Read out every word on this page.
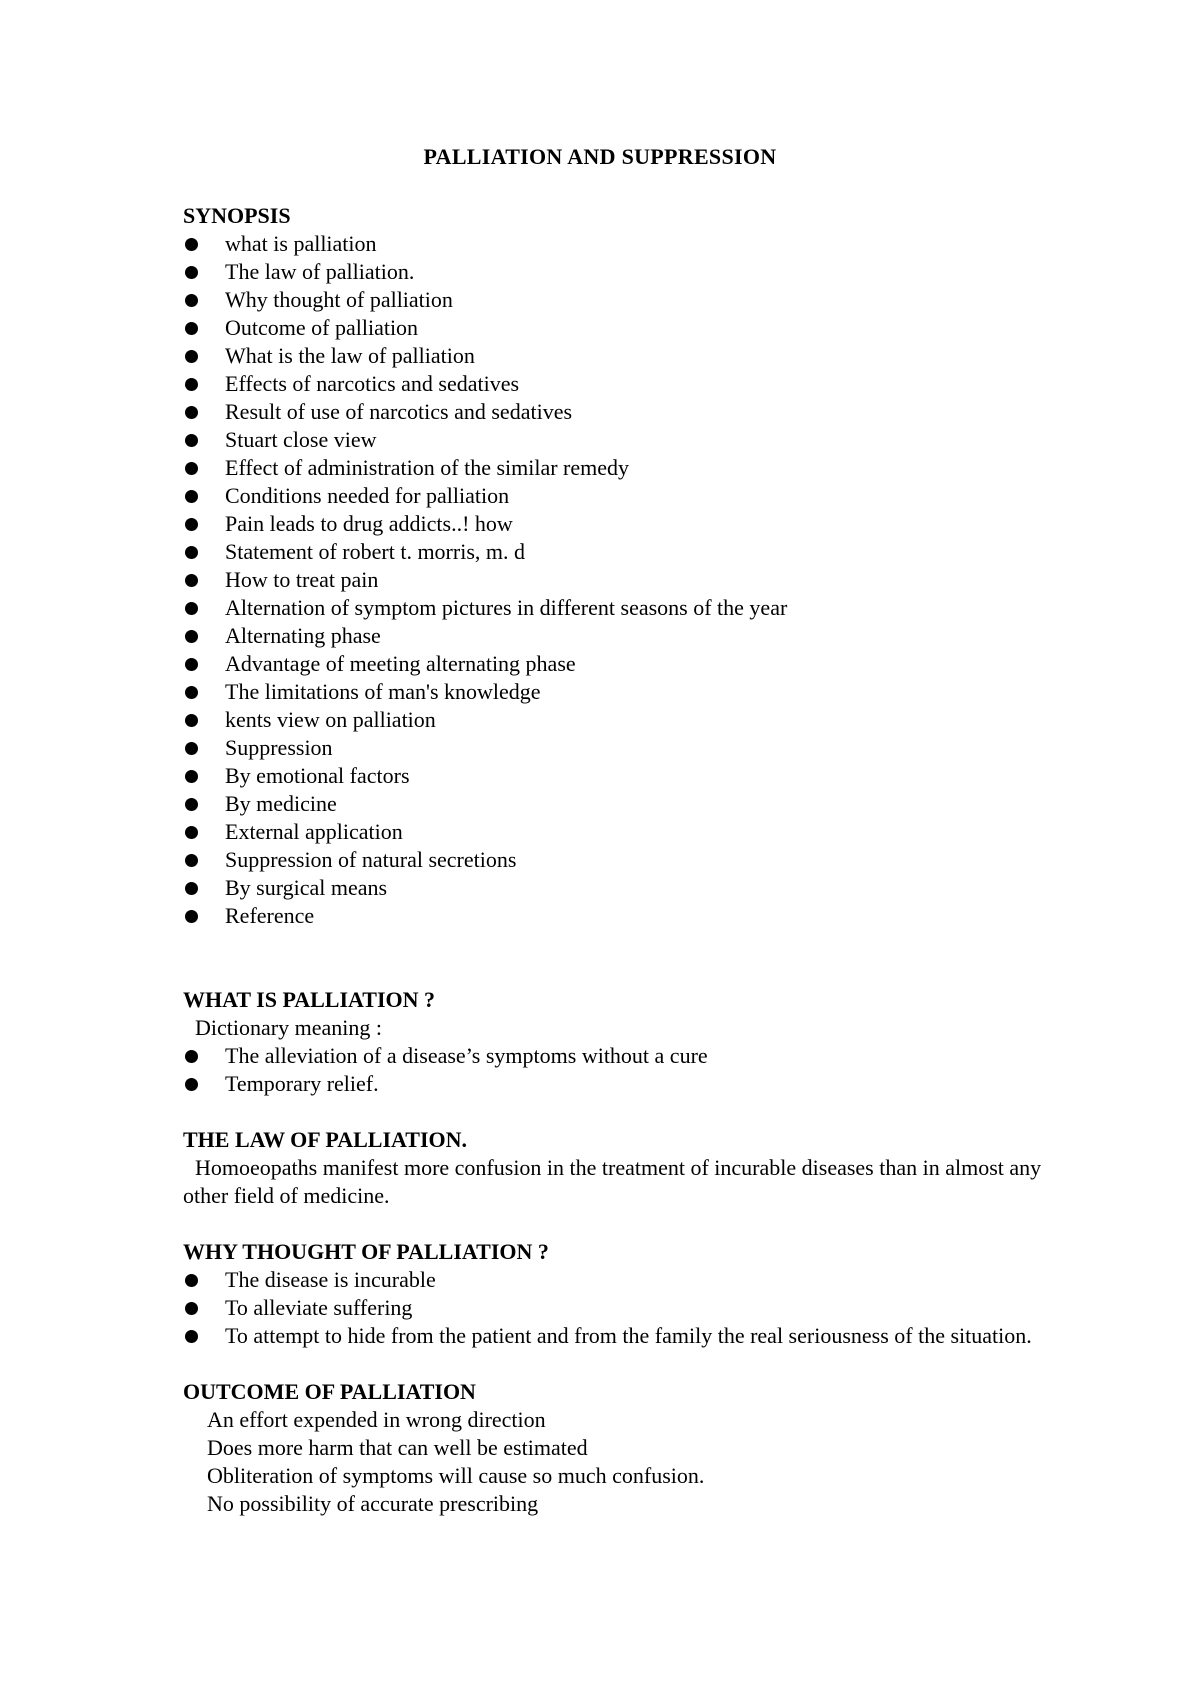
PALLIATION AND SUPPRESSION

SYNOPSIS

what is palliation
The law of palliation.
Why thought of palliation
Outcome of palliation
What is the law of palliation
Effects of narcotics and sedatives
Result of use of narcotics and sedatives
Stuart close view
Effect of administration of the similar remedy
Conditions needed for palliation
Pain leads to drug addicts..! how
Statement of robert t. morris, m. d
How to treat pain
Alternation of symptom pictures in different seasons of the year
Alternating phase
Advantage of meeting alternating phase
The limitations of man's knowledge
kents view on palliation
Suppression
By emotional factors
By medicine
External application
Suppression of natural secretions
By surgical means
Reference

WHAT IS PALLIATION ?

Dictionary meaning :

The alleviation of a disease’s symptoms without a cure
Temporary relief.

THE LAW OF PALLIATION.

Homoeopaths manifest more confusion in the treatment of incurable diseases than in almost any other field of medicine.

WHY THOUGHT OF PALLIATION ?

The disease is incurable
To alleviate suffering
To attempt to hide from the patient and from the family the real seriousness of the situation.

OUTCOME OF PALLIATION

An effort expended in wrong direction

Does more harm that can well be estimated

Obliteration of symptoms will cause so much confusion.

No possibility of accurate prescribing
